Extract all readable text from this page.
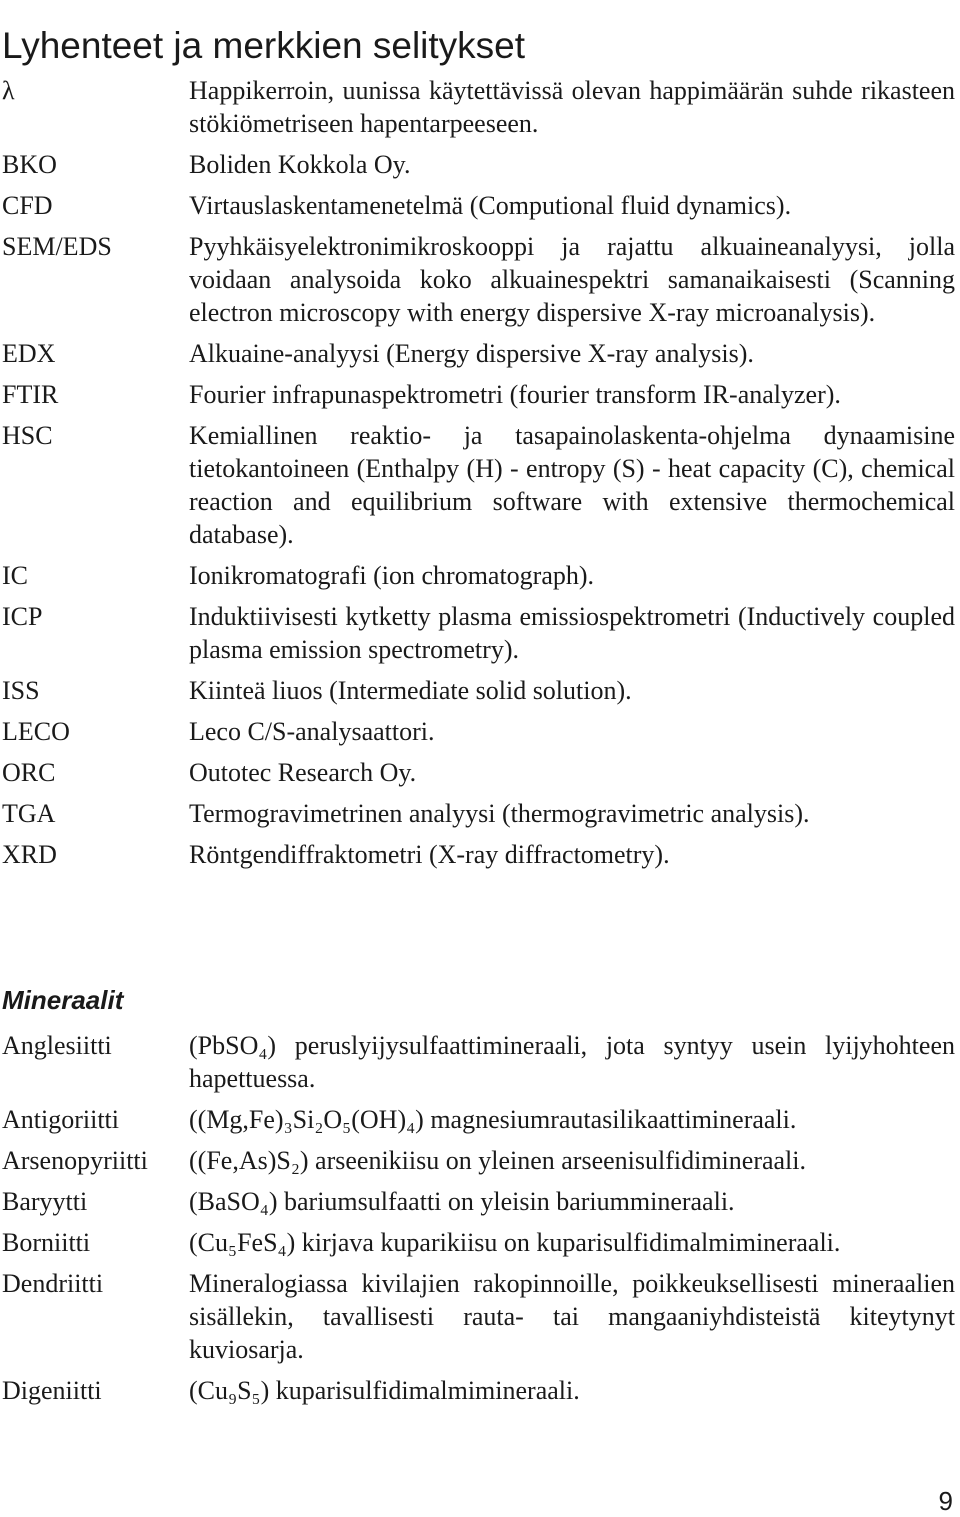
Lyhenteet ja merkkien selitykset
λ	Happikerroin, uunissa käytettävissä olevan happimäärän suhde rikasteen stökiömetriseen hapentarpeeseen.
BKO	Boliden Kokkola Oy.
CFD	Virtauslaskentamenetelmä (Computional fluid dynamics).
SEM/EDS	Pyyhkäisyelektronimikroskooppi ja rajattu alkuaineanalyysi, jolla voidaan analysoida koko alkuainespektri samanaikaisesti (Scanning electron microscopy with energy dispersive X-ray microanalysis).
EDX	Alkuaine-analyysi (Energy dispersive X-ray analysis).
FTIR	Fourier infrapunaspektrometri (fourier transform IR-analyzer).
HSC	Kemiallinen reaktio- ja tasapainolaskenta-ohjelma dynaamisine tietokantoineen (Enthalpy (H) - entropy (S) - heat capacity (C), chemical reaction and equilibrium software with extensive thermochemical database).
IC	Ionikromatografi (ion chromatograph).
ICP	Induktiivisesti kytketty plasma emissiospektrometri (Inductively coupled plasma emission spectrometry).
ISS	Kiinteä liuos (Intermediate solid solution).
LECO	Leco C/S-analysaattori.
ORC	Outotec Research Oy.
TGA	Termogravimetrinen analyysi (thermogravimetric analysis).
XRD	Röntgendiffraktometri (X-ray diffractometry).
Mineraalit
Anglesiitti	(PbSO₄) peruslyijysulfaattimineraali, jota syntyy usein lyijyhohteen hapettuessa.
Antigoriitti	((Mg,Fe)₃Si₂O₅(OH)₄) magnesiumrautasilikaattimineraali.
Arsenopyriitti ((Fe,As)S₂) arseenikiisu on yleinen arseenisulfidimineraali.
Baryytti	(BaSO₄) bariumsulfaatti on yleisin bariummineraali.
Borniitti	(Cu₅FeS₄) kirjava kuparikiisu on kuparisulfidimalmimineraali.
Dendriitti	Mineralogiassa kivilajien rakopinnoille, poikkeuksellisesti mineraalien sisällekin, tavallisesti rauta- tai mangaaniyhdisteistä kiteytynyt kuviosarja.
Digeniitti	(Cu₉S₅) kuparisulfidimalmimineraali.
9
